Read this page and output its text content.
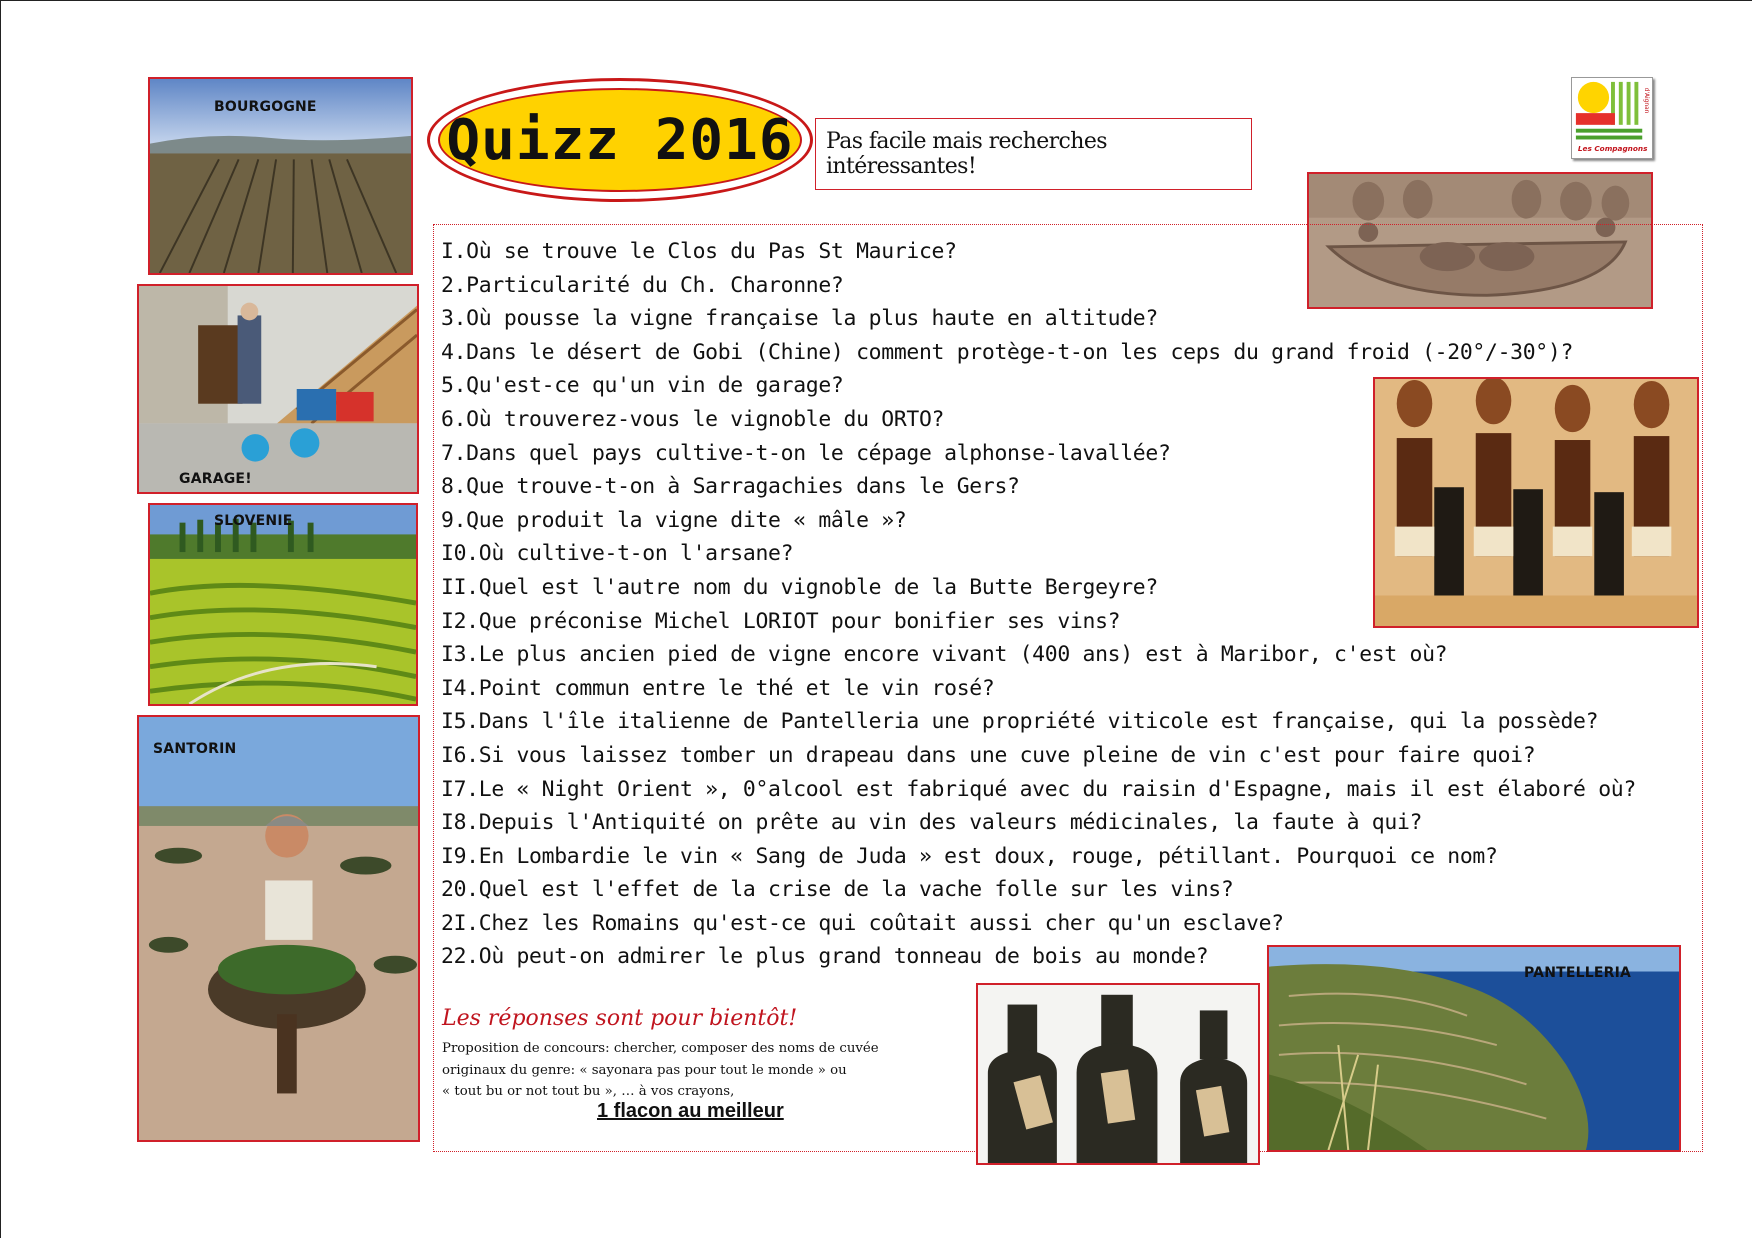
BOURGOGNE
GARAGE!
SLOVENIE
SANTORIN
Quizz 2016 Pas facile mais recherches intéressantes!
Les Compagnons
d'Aignan
I.Où se trouve le Clos du Pas St Maurice?
2.Particularité du Ch. Charonne?
3.Où pousse la vigne française la plus haute en altitude?
4.Dans le désert de Gobi (Chine) comment protège-t-on les ceps du grand froid (-20°/-30°)?
5.Qu'est-ce qu'un vin de garage?
6.Où trouverez-vous le vignoble du ORTO?
7.Dans quel pays cultive-t-on le cépage alphonse-lavallée?
8.Que trouve-t-on à Sarragachies dans le Gers?
9.Que produit la vigne dite « mâle »?
I0.Où cultive-t-on l'arsane?
II.Quel est l'autre nom du vignoble de la Butte Bergeyre?
I2.Que préconise Michel LORIOT pour bonifier ses vins?
I3.Le plus ancien pied de vigne encore vivant (400 ans) est à Maribor, c'est où?
I4.Point commun entre le thé et le vin rosé?
I5.Dans l'île italienne de Pantelleria une propriété viticole est française, qui la possède?
I6.Si vous laissez tomber un drapeau dans une cuve pleine de vin c'est pour faire quoi?
I7.Le « Night Orient », 0°alcool est fabriqué avec du raisin d'Espagne, mais il est élaboré où?
I8.Depuis l'Antiquité on prête au vin des valeurs médicinales, la faute à qui?
I9.En Lombardie le vin « Sang de Juda » est doux, rouge, pétillant. Pourquoi ce nom?
20.Quel est l'effet de la crise de la vache folle sur les vins?
2I.Chez les Romains qu'est-ce qui coûtait aussi cher qu'un esclave?
22.Où peut-on admirer le plus grand tonneau de bois au monde?
Les réponses sont pour bientôt!
Proposition de concours: chercher, composer des noms de cuvée
originaux du genre: « sayonara pas pour tout le monde » ou
« tout bu or not tout bu », … à vos crayons,
1 flacon au meilleur
PANTELLERIA
